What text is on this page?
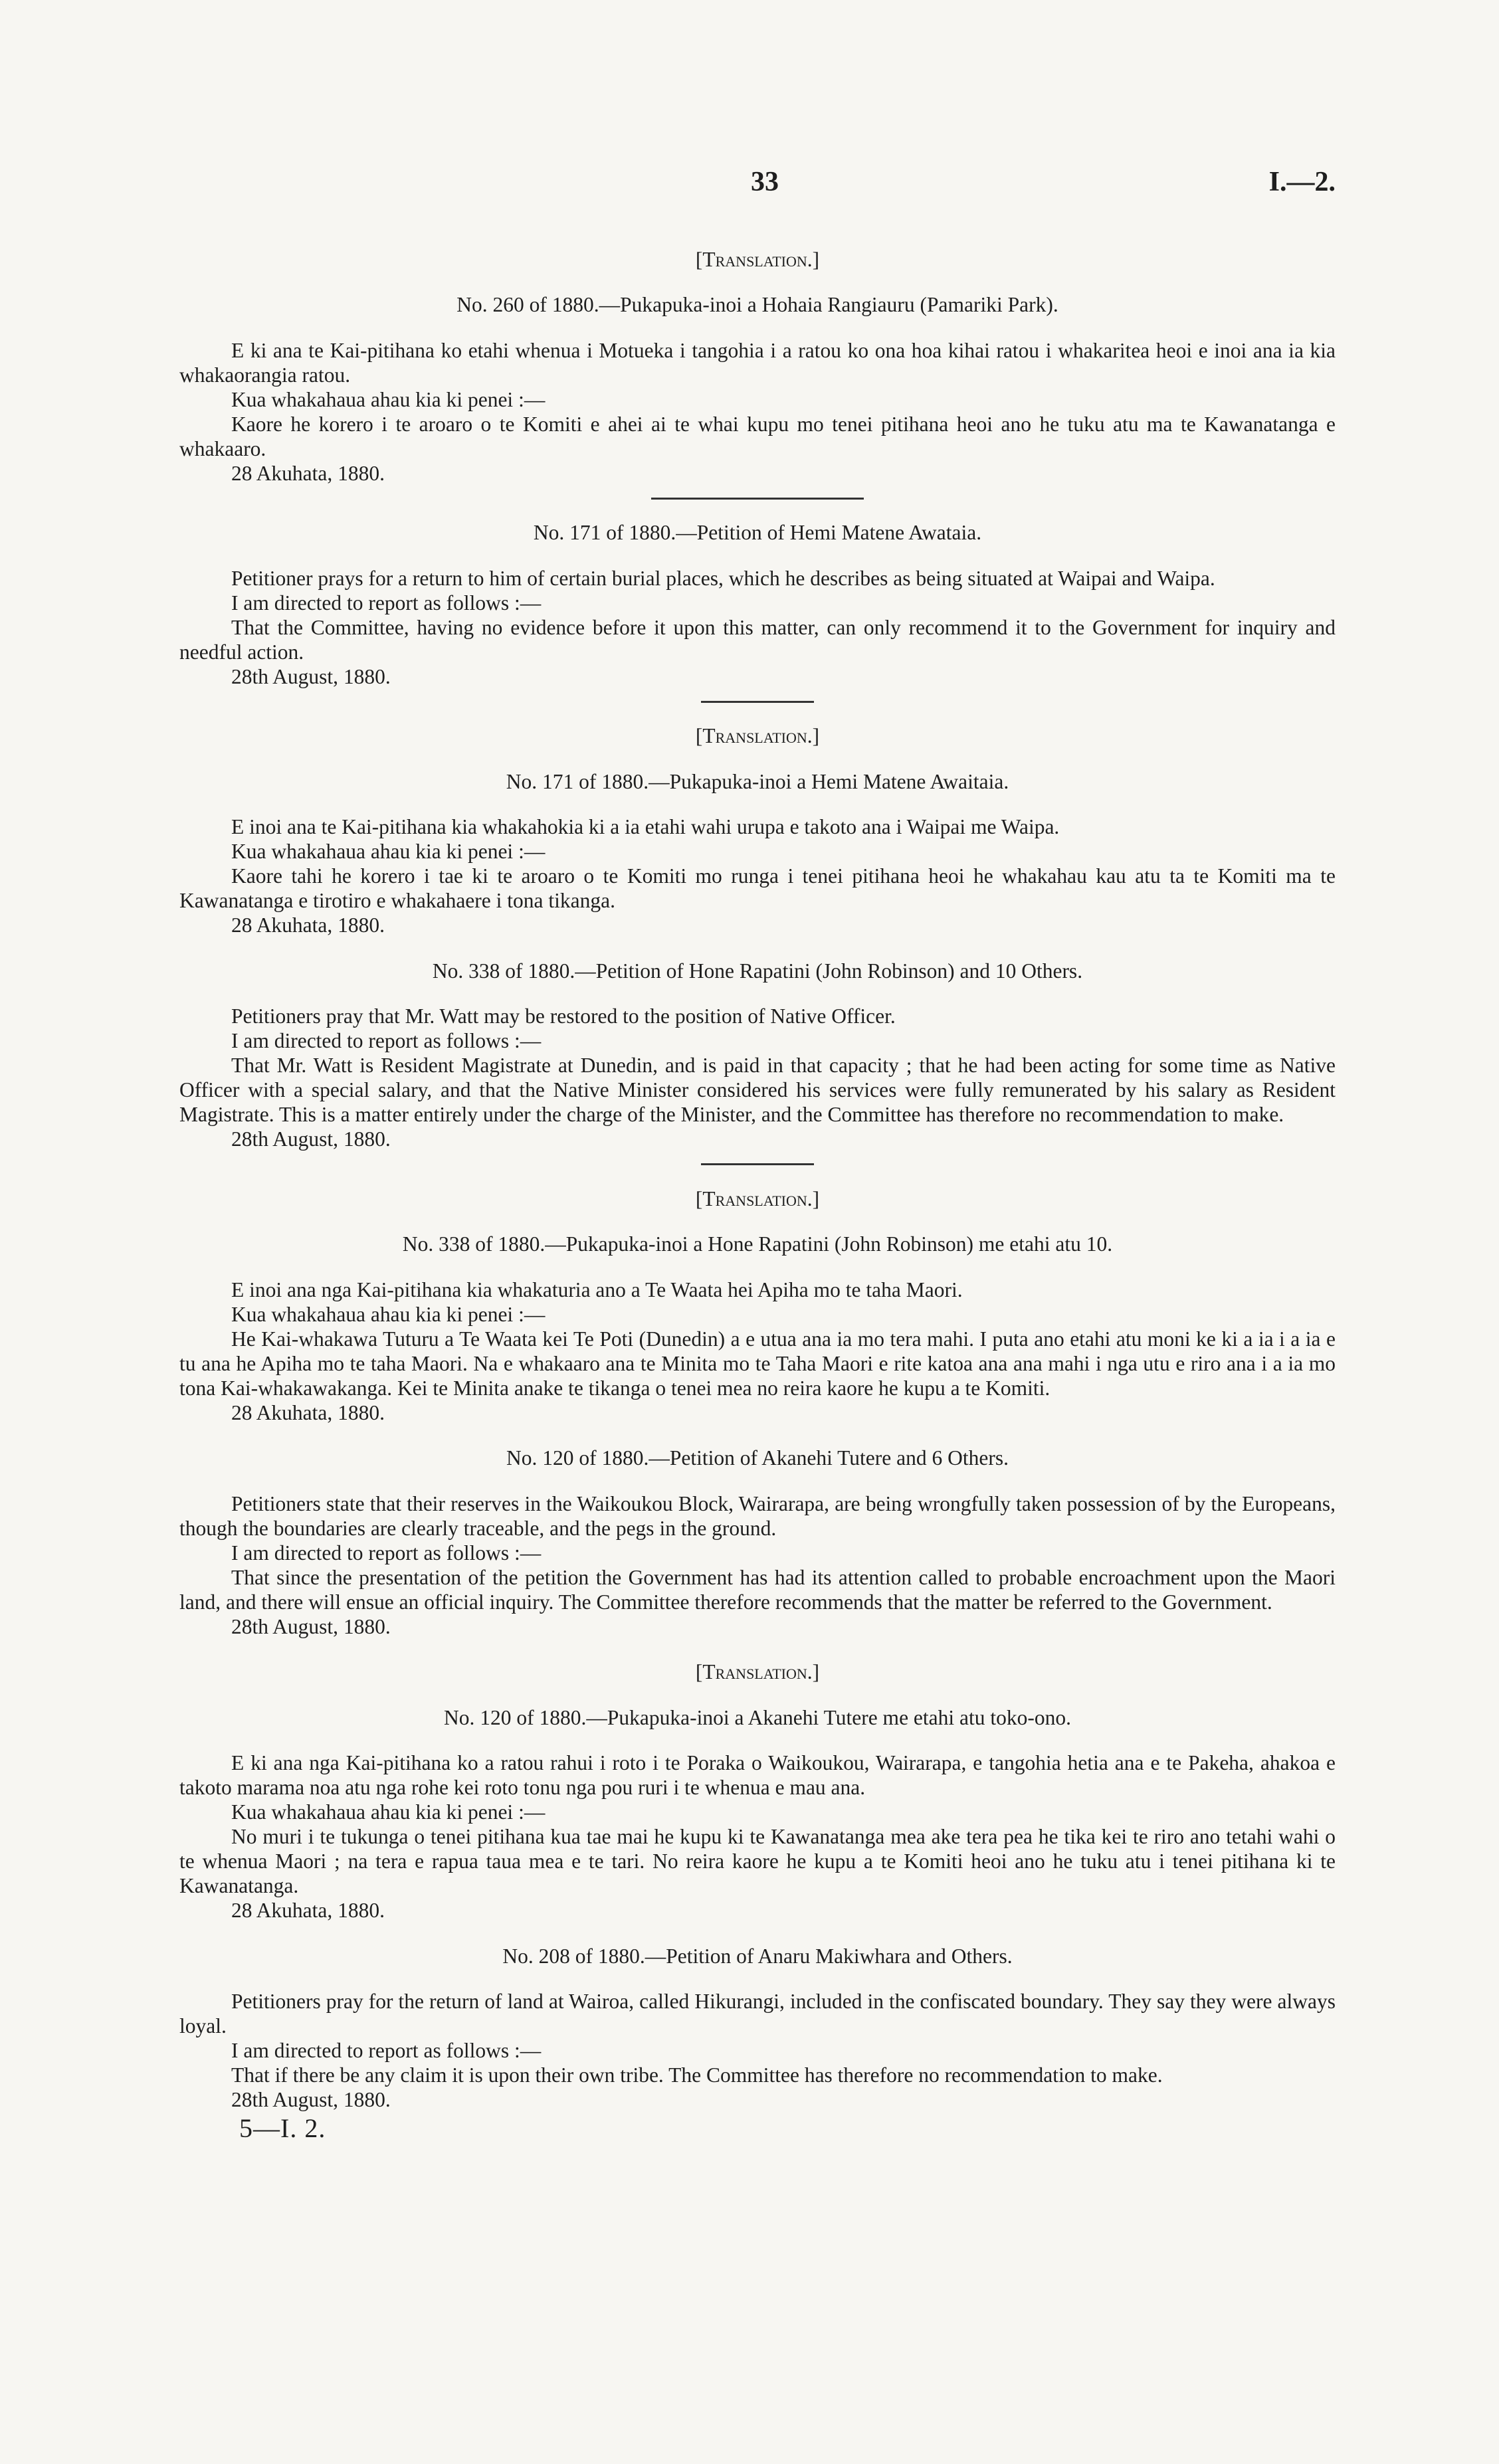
33	I.—2.

[Translation.]

No. 260 of 1880.—Pukapuka-inoi a Hohaia Rangiauru (Pamariki Park).

E ki ana te Kai-pitihana ko etahi whenua i Motueka i tangohia i a ratou ko ona hoa kihai ratou i whakaritea heoi e inoi ana ia kia whakaorangia ratou.

Kua whakahaua ahau kia ki penei :—

Kaore he korero i te aroaro o te Komiti e ahei ai te whai kupu mo tenei pitihana heoi ano he tuku atu ma te Kawanatanga e whakaaro.

28 Akuhata, 1880.

No. 171 of 1880.—Petition of Hemi Matene Awataia.

Petitioner prays for a return to him of certain burial places, which he describes as being situated at Waipai and Waipa.

I am directed to report as follows :—

That the Committee, having no evidence before it upon this matter, can only recommend it to the Government for inquiry and needful action.

28th August, 1880.

[Translation.]

No. 171 of 1880.—Pukapuka-inoi a Hemi Matene Awaitaia.

E inoi ana te Kai-pitihana kia whakahokia ki a ia etahi wahi urupa e takoto ana i Waipai me Waipa.

Kua whakahaua ahau kia ki penei :—

Kaore tahi he korero i tae ki te aroaro o te Komiti mo runga i tenei pitihana heoi he whakahau kau atu ta te Komiti ma te Kawanatanga e tirotiro e whakahaere i tona tikanga.

28 Akuhata, 1880.

No. 338 of 1880.—Petition of Hone Rapatini (John Robinson) and 10 Others.

Petitioners pray that Mr. Watt may be restored to the position of Native Officer.

I am directed to report as follows :—

That Mr. Watt is Resident Magistrate at Dunedin, and is paid in that capacity ; that he had been acting for some time as Native Officer with a special salary, and that the Native Minister considered his services were fully remunerated by his salary as Resident Magistrate. This is a matter entirely under the charge of the Minister, and the Committee has therefore no recommendation to make.

28th August, 1880.

[Translation.]

No. 338 of 1880.—Pukapuka-inoi a Hone Rapatini (John Robinson) me etahi atu 10.

E inoi ana nga Kai-pitihana kia whakaturia ano a Te Waata hei Apiha mo te taha Maori.

Kua whakahaua ahau kia ki penei :—

He Kai-whakawa Tuturu a Te Waata kei Te Poti (Dunedin) a e utua ana ia mo tera mahi. I puta ano etahi atu moni ke ki a ia i a ia e tu ana he Apiha mo te taha Maori. Na e whakaaro ana te Minita mo te Taha Maori e rite katoa ana ana mahi i nga utu e riro ana i a ia mo tona Kai-whakawakanga. Kei te Minita anake te tikanga o tenei mea no reira kaore he kupu a te Komiti.

28 Akuhata, 1880.

No. 120 of 1880.—Petition of Akanehi Tutere and 6 Others.

Petitioners state that their reserves in the Waikoukou Block, Wairarapa, are being wrongfully taken possession of by the Europeans, though the boundaries are clearly traceable, and the pegs in the ground.

I am directed to report as follows :—

That since the presentation of the petition the Government has had its attention called to probable encroachment upon the Maori land, and there will ensue an official inquiry. The Committee therefore recommends that the matter be referred to the Government.

28th August, 1880.

[Translation.]

No. 120 of 1880.—Pukapuka-inoi a Akanehi Tutere me etahi atu toko-ono.

E ki ana nga Kai-pitihana ko a ratou rahui i roto i te Poraka o Waikoukou, Wairarapa, e tangohia hetia ana e te Pakeha, ahakoa e takoto marama noa atu nga rohe kei roto tonu nga pou ruri i te whenua e mau ana.

Kua whakahaua ahau kia ki penei :—

No muri i te tukunga o tenei pitihana kua tae mai he kupu ki te Kawanatanga mea ake tera pea he tika kei te riro ano tetahi wahi o te whenua Maori ; na tera e rapua taua mea e te tari. No reira kaore he kupu a te Komiti heoi ano he tuku atu i tenei pitihana ki te Kawanatanga.

28 Akuhata, 1880.

No. 208 of 1880.—Petition of Anaru Makiwhara and Others.

Petitioners pray for the return of land at Wairoa, called Hikurangi, included in the confiscated boundary. They say they were always loyal.

I am directed to report as follows :—

That if there be any claim it is upon their own tribe. The Committee has therefore no recommendation to make.

28th August, 1880.

5—I. 2.
